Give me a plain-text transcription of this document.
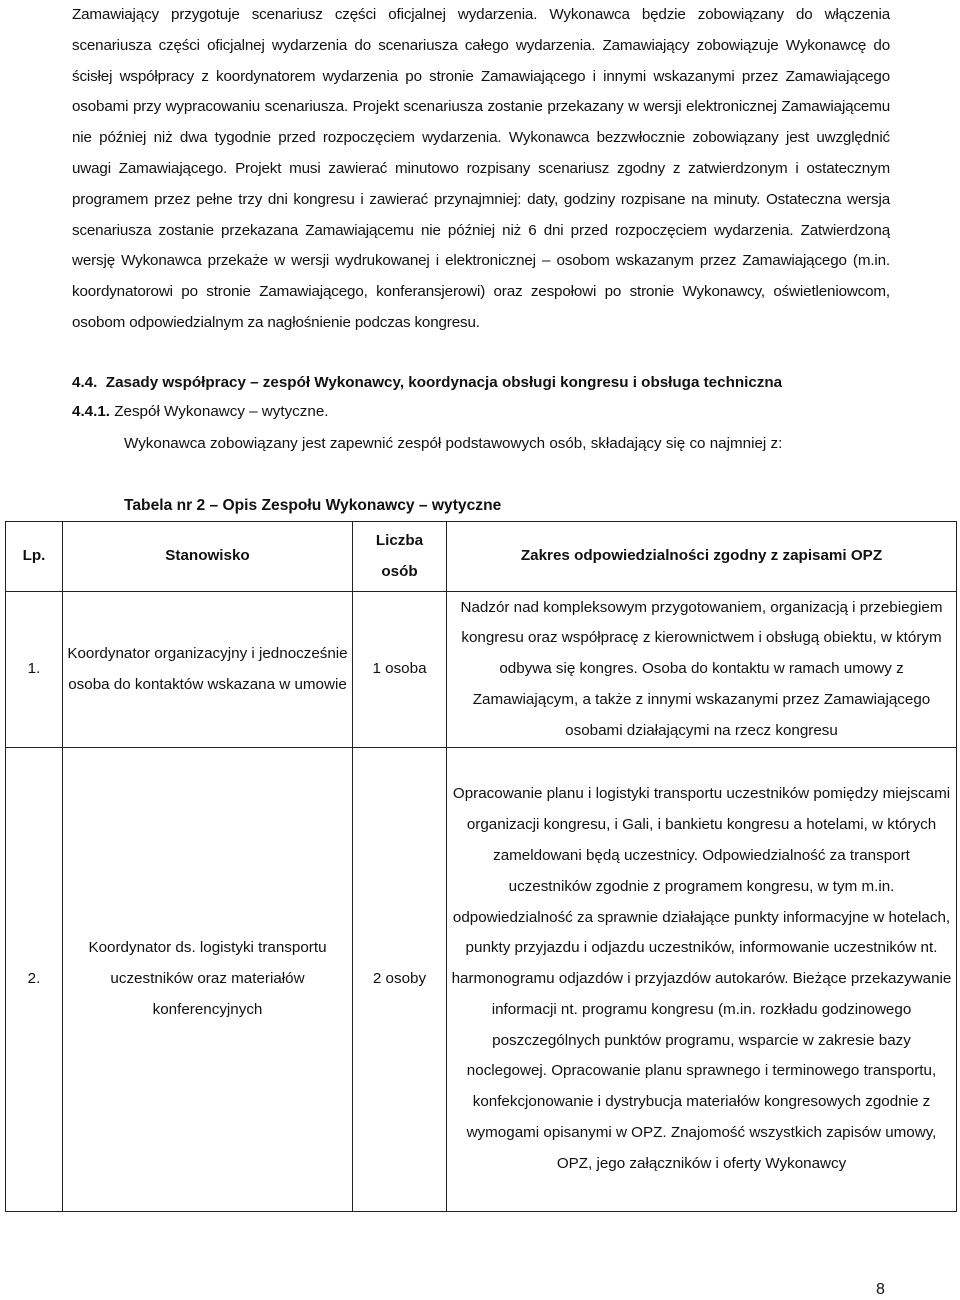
Zamawiający przygotuje scenariusz części oficjalnej wydarzenia. Wykonawca będzie zobowiązany do włączenia scenariusza części oficjalnej wydarzenia do scenariusza całego wydarzenia. Zamawiający zobowiązuje Wykonawcę do ścisłej współpracy z koordynatorem wydarzenia po stronie Zamawiającego i innymi wskazanymi przez Zamawiającego osobami przy wypracowaniu scenariusza. Projekt scenariusza zostanie przekazany w wersji elektronicznej Zamawiającemu nie później niż dwa tygodnie przed rozpoczęciem wydarzenia. Wykonawca bezzwłocznie zobowiązany jest uwzględnić uwagi Zamawiającego. Projekt musi zawierać minutowo rozpisany scenariusz zgodny z zatwierdzonym i ostatecznym programem przez pełne trzy dni kongresu i zawierać przynajmniej: daty, godziny rozpisane na minuty. Ostateczna wersja scenariusza zostanie przekazana Zamawiającemu nie później niż 6 dni przed rozpoczęciem wydarzenia. Zatwierdzoną wersję Wykonawca przekaże w wersji wydrukowanej i elektronicznej – osobom wskazanym przez Zamawiającego (m.in. koordynatorowi po stronie Zamawiającego, konferansjerowi) oraz zespołowi po stronie Wykonawcy, oświetleniowcom, osobom odpowiedzialnym za nagłośnienie podczas kongresu.
4.4. Zasady współpracy – zespół Wykonawcy, koordynacja obsługi kongresu i obsługa techniczna
4.4.1. Zespół Wykonawcy – wytyczne.
Wykonawca zobowiązany jest zapewnić zespół podstawowych osób, składający się co najmniej z:
Tabela nr 2 – Opis Zespołu Wykonawcy – wytyczne
Lp.	Stanowisko	Liczba osób	Zakres odpowiedzialności zgodny z zapisami OPZ
1.	Koordynator organizacyjny i jednocześnie osoba do kontaktów wskazana w umowie	1 osoba	Nadzór nad kompleksowym przygotowaniem, organizacją i przebiegiem kongresu oraz współpracę z kierownictwem i obsługą obiektu, w którym odbywa się kongres. Osoba do kontaktu w ramach umowy z Zamawiającym, a także z innymi wskazanymi przez Zamawiającego osobami działającymi na rzecz kongresu
2.	Koordynator ds. logistyki transportu uczestników oraz materiałów konferencyjnych	2 osoby	Opracowanie planu i logistyki transportu uczestników pomiędzy miejscami organizacji kongresu, i Gali, i bankietu kongresu a hotelami, w których zameldowani będą uczestnicy. Odpowiedzialność za transport uczestników zgodnie z programem kongresu, w tym m.in. odpowiedzialność za sprawnie działające punkty informacyjne w hotelach, punkty przyjazdu i odjazdu uczestników, informowanie uczestników nt. harmonogramu odjazdów i przyjazdów autokarów. Bieżące przekazywanie informacji nt. programu kongresu (m.in. rozkładu godzinowego poszczególnych punktów programu, wsparcie w zakresie bazy noclegowej. Opracowanie planu sprawnego i terminowego transportu, konfekcjonowanie i dystrybucja materiałów kongresowych zgodnie z wymogami opisanymi w OPZ. Znajomość wszystkich zapisów umowy, OPZ, jego załączników i oferty Wykonawcy
8
